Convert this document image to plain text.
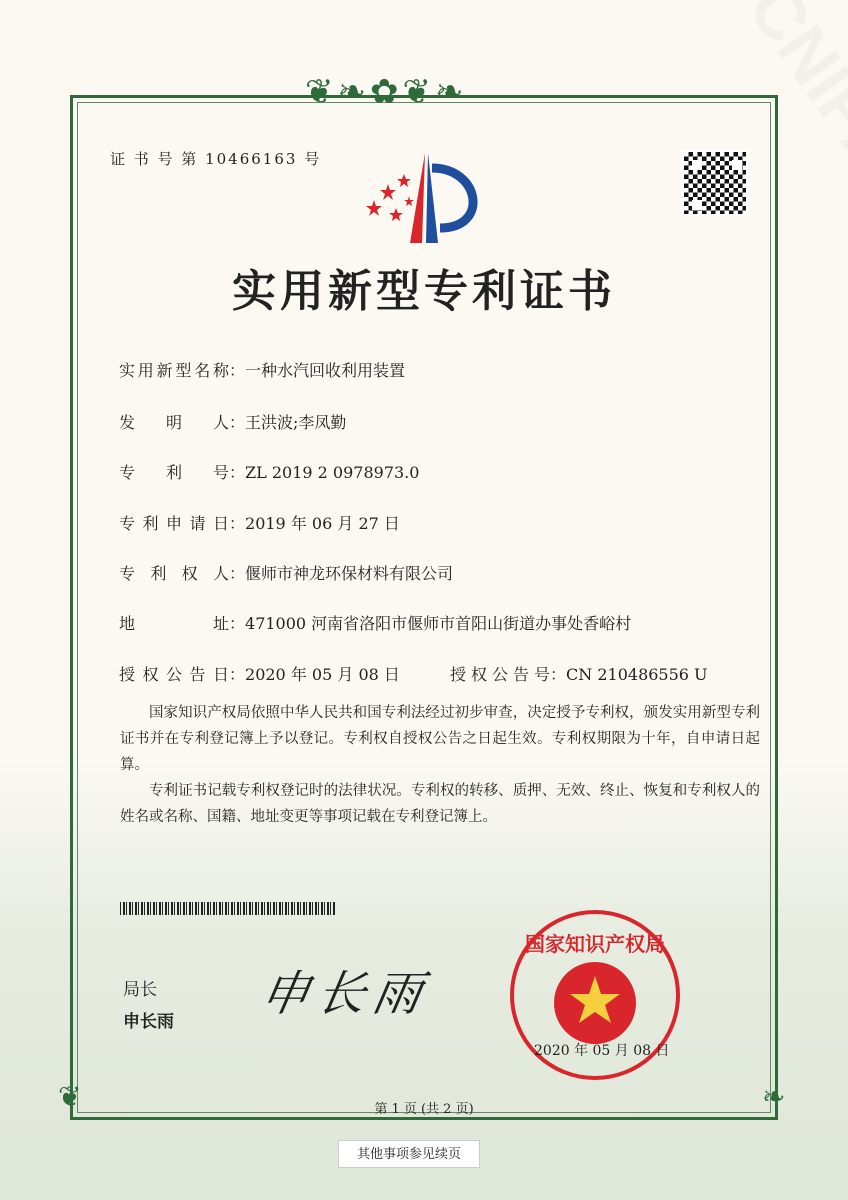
❦❧✿❦❧
❦	❧
证 书 号 第 10466163 号
实用新型专利证书
实用新型名称：一种水汽回收利用装置
发明人：王洪波;李凤勤
专利号：ZL 2019 2 0978973.0
专利申请日：2019 年 06 月 27 日
专利权人：偃师市神龙环保材料有限公司
地址：471000 河南省洛阳市偃师市首阳山街道办事处香峪村
授权公告日：2020 年 05 月 08 日	授权公告号：CN 210486556 U

国家知识产权局依照中华人民共和国专利法经过初步审查，决定授予专利权，颁发实用新型专利证书并在专利登记簿上予以登记。专利权自授权公告之日起生效。专利权期限为十年，自申请日起算。

专利证书记载专利权登记时的法律状况。专利权的转移、质押、无效、终止、恢复和专利权人的姓名或名称、国籍、地址变更等事项记载在专利登记簿上。

局长
申长雨 申长雨
国家知识产权局
2020 年 05 月 08 日
第 1 页 (共 2 页)
其他事项参见续页
